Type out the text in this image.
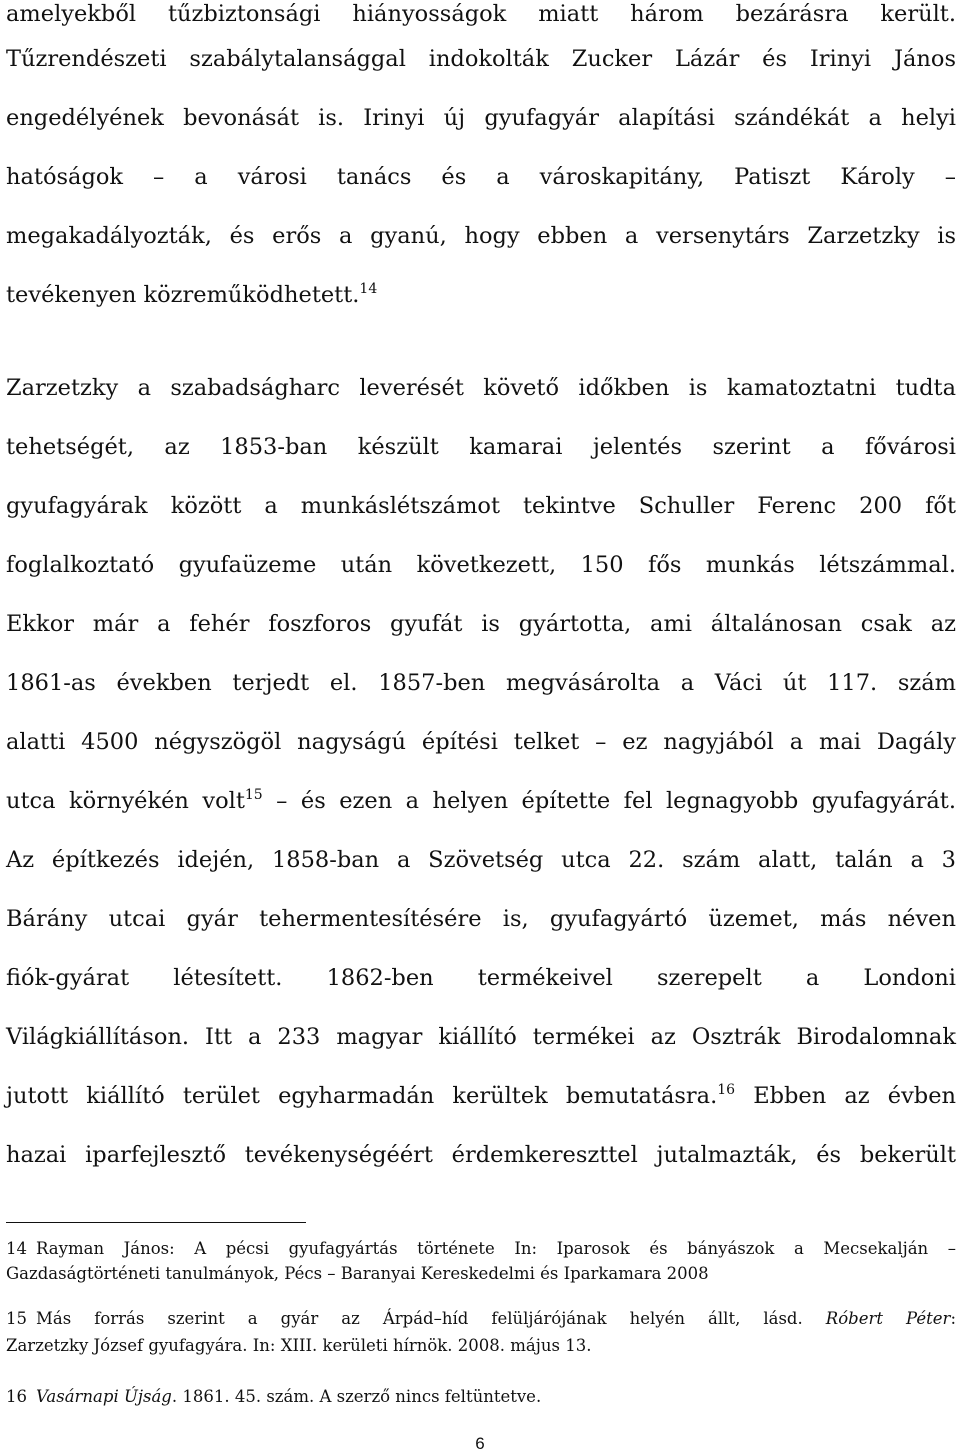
amelyekből tűzbiztonsági hiányosságok miatt három bezárásra került.
Tűzrendészeti szabálytalansággal indokolták Zucker Lázár és Irinyi János
engedélyének bevonását is. Irinyi új gyufagyár alapítási szándékát a helyi
hatóságok – a városi tanács és a városkapitány, Patiszt Károly –
megakadályozták, és erős a gyanú, hogy ebben a versenytárs Zarzetzky is
tevékenyen közreműködhetett.$^{14}$
Zarzetzky a szabadságharc leverését követő időkben is kamatoztatni tudta
tehetségét, az 1853-ban készült kamarai jelentés szerint a fővárosi
gyufagyárak között a munkáslétszámot tekintve Schuller Ferenc 200 főt
foglalkoztató gyufaüzeme után következett, 150 fős munkás létszámmal.
Ekkor már a fehér foszforos gyufát is gyártotta, ami általánosan csak az
1861-as években terjedt el. 1857-ben megvásárolta a Váci út 117. szám
alatti 4500 négyszögöl nagyságú építési telket – ez nagyjából a mai Dagály
utca környékén volt$^{15}$ – és ezen a helyen építette fel legnagyobb gyufagyárát.
Az építkezés idején, 1858-ban a Szövetség utca 22. szám alatt, talán a 3
Bárány utcai gyár tehermentesítésére is, gyufagyártó üzemet, más néven
fiók-gyárat létesített. 1862-ben termékeivel szerepelt a Londoni
Világkiállításon. Itt a 233 magyar kiállító termékei az Osztrák Birodalomnak
jutott kiállító terület egyharmadán kerültek bemutatásra.$^{16}$ Ebben az évben
hazai iparfejlesztő tevékenységéért érdemkereszttel jutalmazták, és bekerült
14 Rayman János: A pécsi gyufagyártás története In: Iparosok és bányászok a Mecsekalján –
Gazdaságtörténeti tanulmányok, Pécs – Baranyai Kereskedelmi és Iparkamara 2008
15 Más forrás szerint a gyár az Árpád–híd felüljárójának helyén állt, lásd. Róbert Péter:
Zarzetzky József gyufagyára. In: XIII. kerületi hírnök. 2008. május 13.
16 Vasárnapi Újság. 1861. 45. szám. A szerző nincs feltüntetve.
6
